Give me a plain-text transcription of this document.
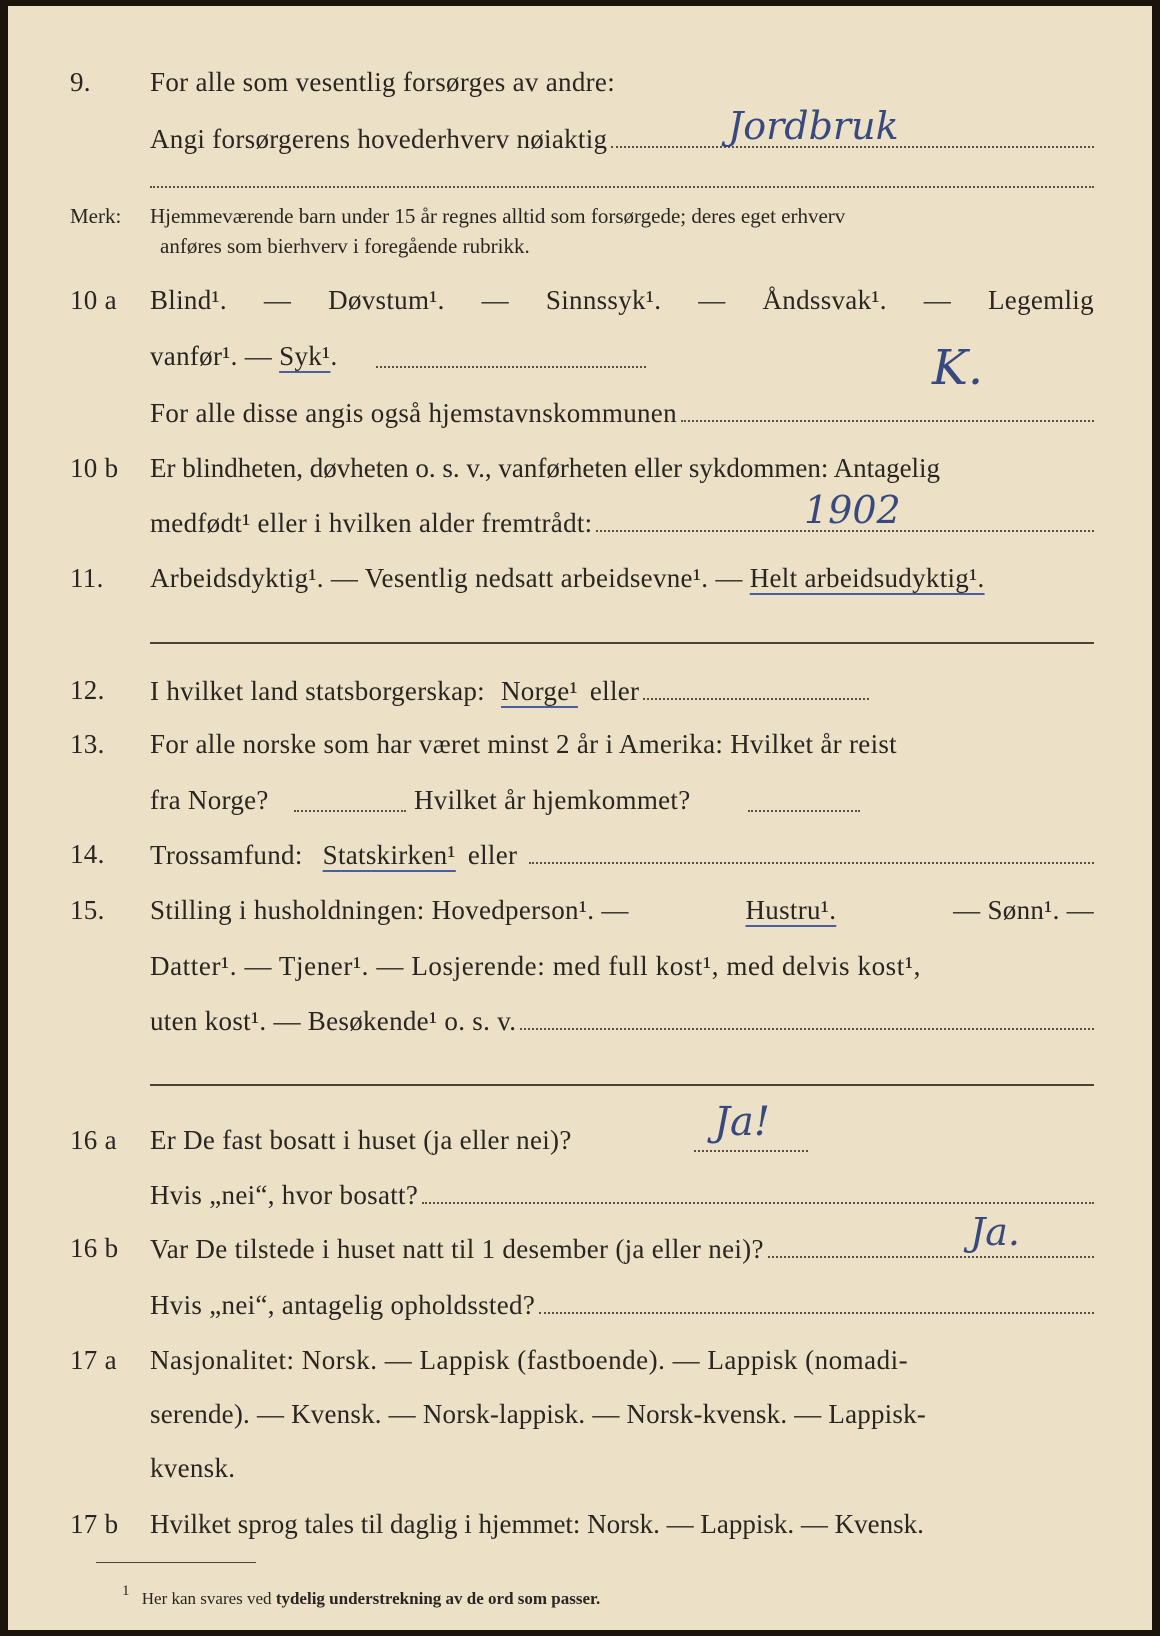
9.	For alle som vesentlig forsørges av andre:
Angi forsørgerens hovederhverv nøiaktig	Jordbruk
Merk: Hjemmeværende barn under 15 år regnes alltid som forsørgede; deres eget erhverv
anføres som bierhverv i foregående rubrikk.
10 a	Blind¹. — Døvstum¹. — Sinnssyk¹. — Åndssvak¹. — Legemlig
vanfør¹. — Syk¹.	K.
For alle disse angis også hjemstavnskommunen
10 b	Er blindheten, døvheten o. s. v., vanførheten eller sykdommen: Antagelig
medfødt¹ eller i hvilken alder fremtrådt:	1902
11.	Arbeidsdyktig¹. — Vesentlig nedsatt arbeidsevne¹. — Helt arbeidsudyktig¹.
12.	I hvilket land statsborgerskap: Norge¹ eller
13.	For alle norske som har været minst 2 år i Amerika: Hvilket år reist
fra Norge?	Hvilket år hjemkommet?
14.	Trossamfund: Statskirken¹ eller
15.	Stilling i husholdningen: Hovedperson¹. —	Hustru¹.	— Sønn¹. —
Datter¹. — Tjener¹. — Losjerende: med full kost¹, med delvis kost¹,
uten kost¹. — Besøkende¹ o. s. v.
16 a	Er De fast bosatt i huset (ja eller nei)?	Ja!
Hvis „nei“, hvor bosatt?
16 b	Var De tilstede i huset natt til 1 desember (ja eller nei)?	Ja.
Hvis „nei“, antagelig opholdssted?
17 a	Nasjonalitet: Norsk. — Lappisk (fastboende). — Lappisk (nomadi-
serende). — Kvensk. — Norsk-lappisk. — Norsk-kvensk. — Lappisk-
kvensk.
17 b	Hvilket sprog tales til daglig i hjemmet: Norsk. — Lappisk. — Kvensk.
1 Her kan svares ved tydelig understrekning av de ord som passer.
